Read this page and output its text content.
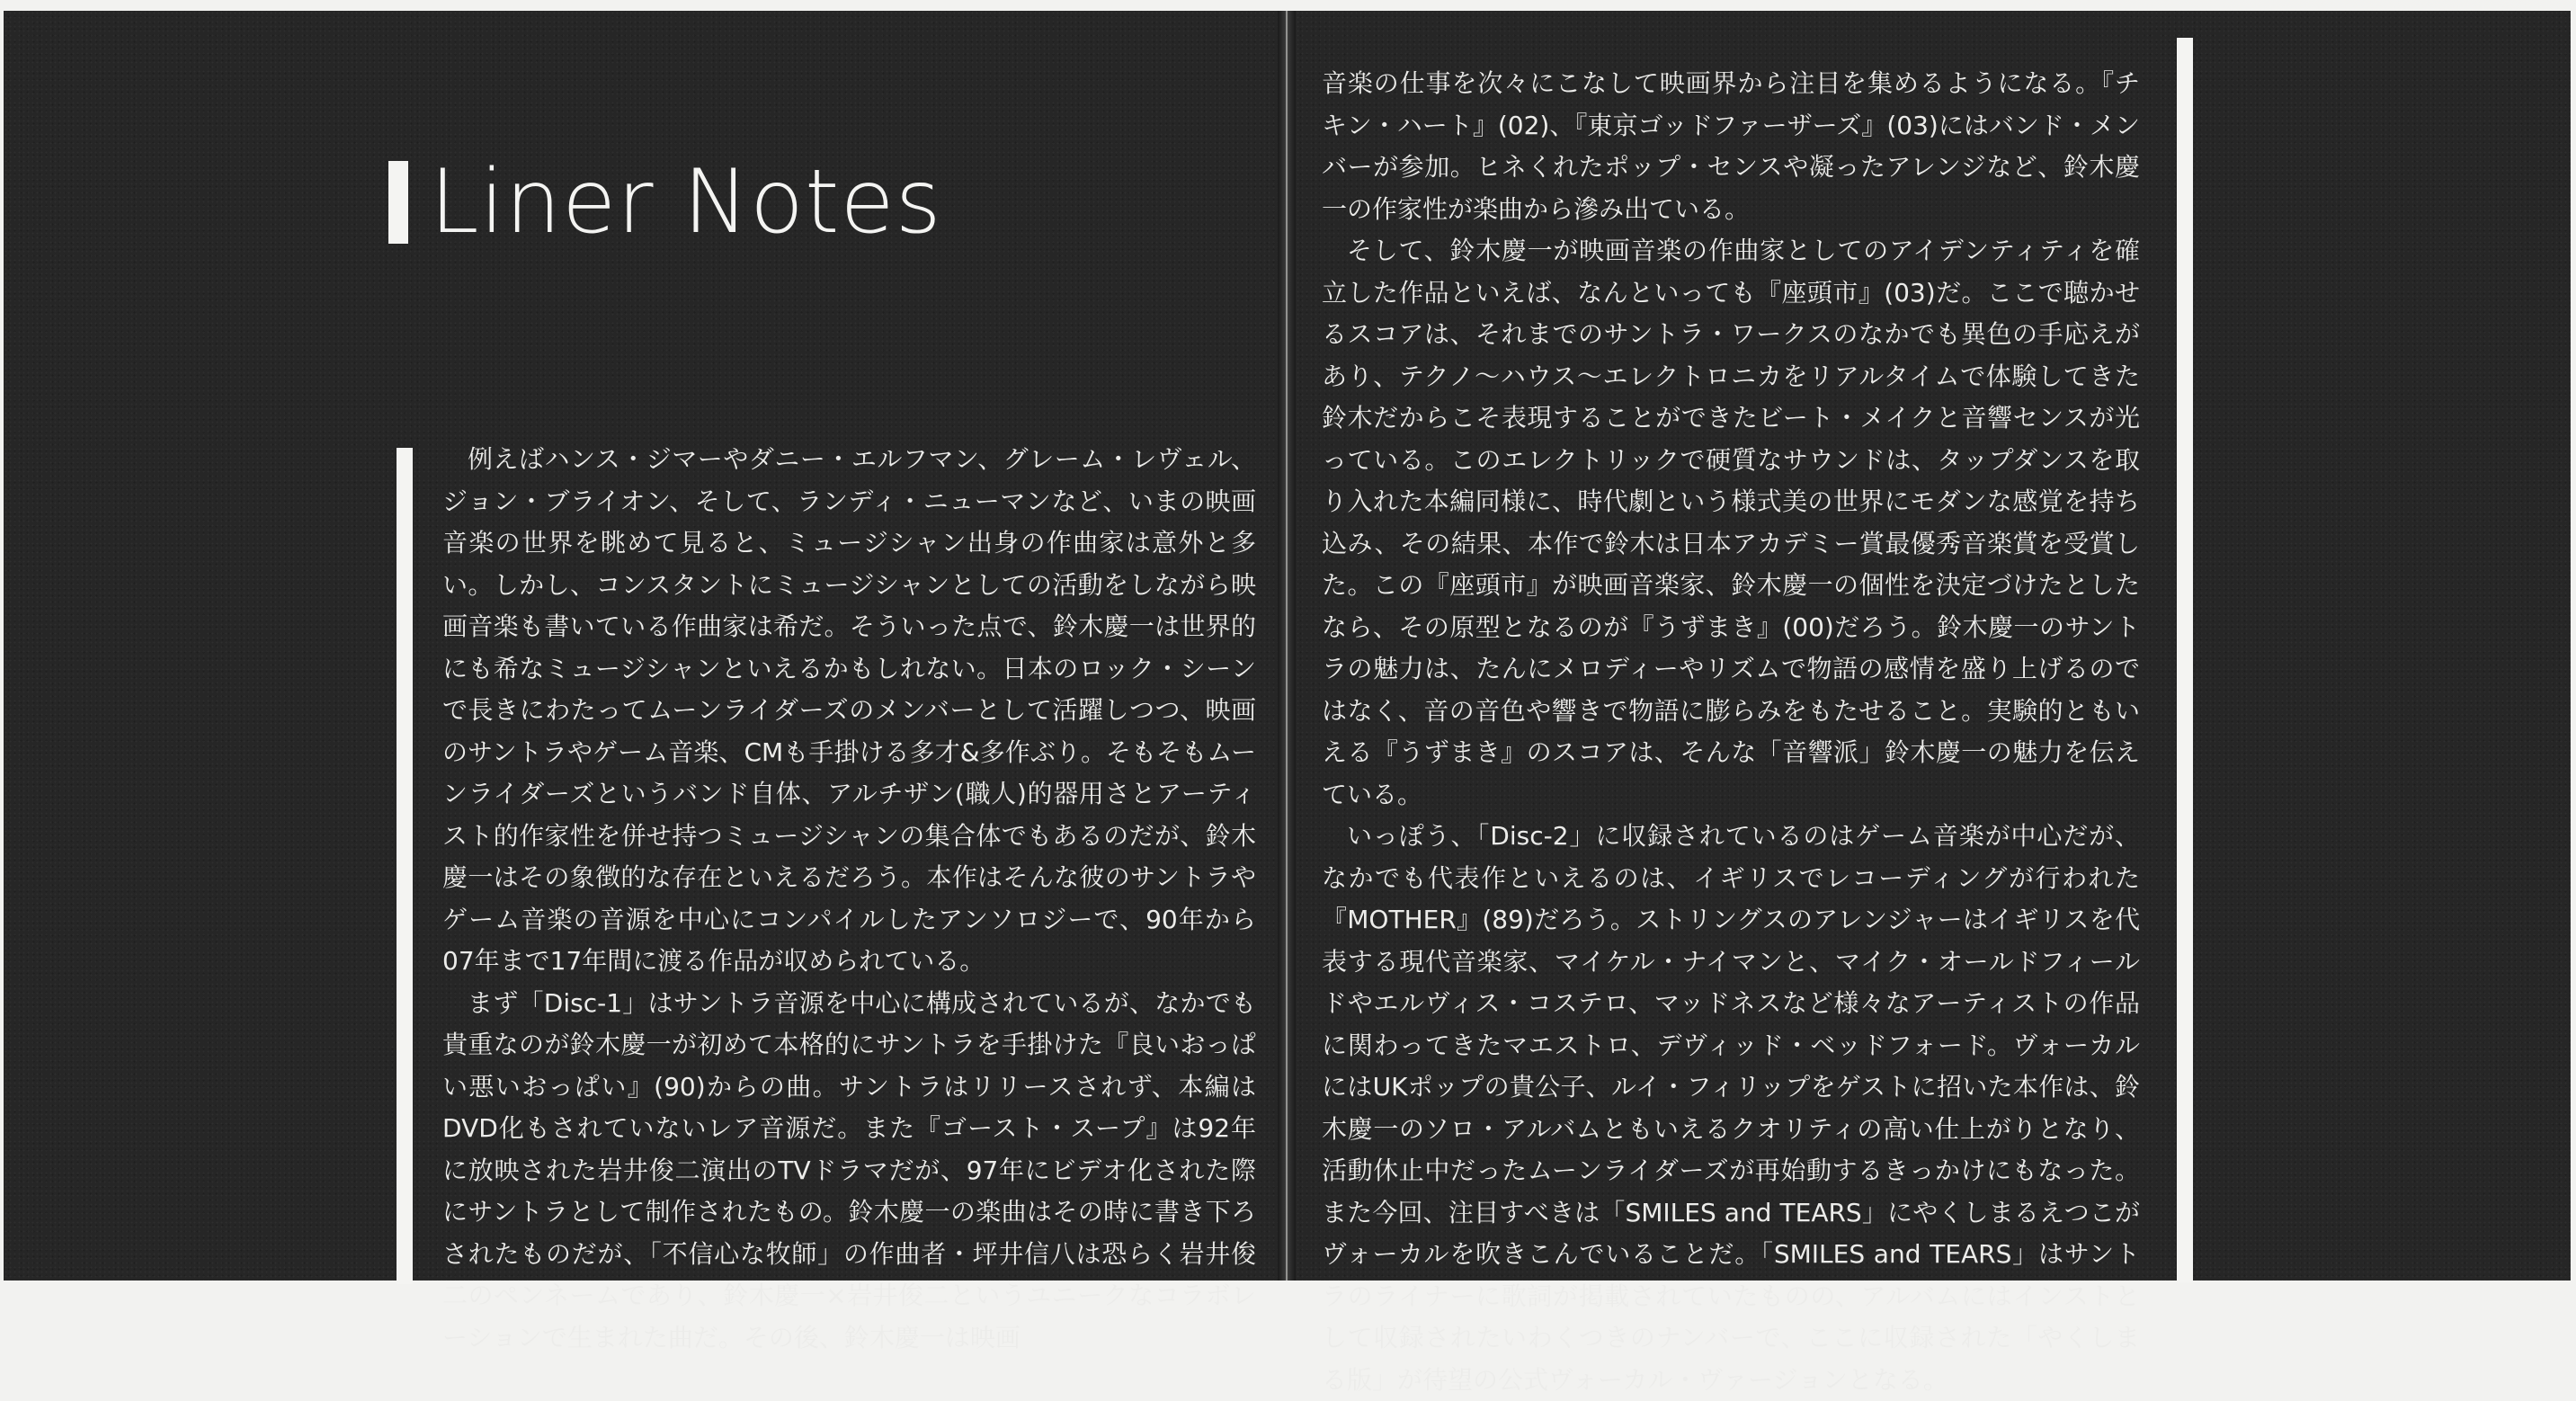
Liner Notes

例えばハンス・ジマーやダニー・エルフマン、グレーム・レヴェル、ジョン・ブライオン、そして、ランディ・ニューマンなど、いまの映画音楽の世界を眺めて見ると、ミュージシャン出身の作曲家は意外と多い。しかし、コンスタントにミュージシャンとしての活動をしながら映画音楽も書いている作曲家は希だ。そういった点で、鈴木慶一は世界的にも希なミュージシャンといえるかもしれない。日本のロック・シーンで長きにわたってムーンライダーズのメンバーとして活躍しつつ、映画のサントラやゲーム音楽、CMも手掛ける多才&多作ぶり。そもそもムーンライダーズというバンド自体、アルチザン(職人)的器用さとアーティスト的作家性を併せ持つミュージシャンの集合体でもあるのだが、鈴木慶一はその象徴的な存在といえるだろう。本作はそんな彼のサントラやゲーム音楽の音源を中心にコンパイルしたアンソロジーで、90年から07年まで17年間に渡る作品が収められている。

まず「Disc-1」はサントラ音源を中心に構成されているが、なかでも貴重なのが鈴木慶一が初めて本格的にサントラを手掛けた『良いおっぱい悪いおっぱい』(90)からの曲。サントラはリリースされず、本編はDVD化もされていないレア音源だ。また『ゴースト・スープ』は92年に放映された岩井俊二演出のTVドラマだが、97年にビデオ化された際にサントラとして制作されたもの。鈴木慶一の楽曲はその時に書き下ろされたものだが、「不信心な牧師」の作曲者・坪井信八は恐らく岩井俊二のペンネームであり、鈴木慶一×岩井俊二というユニークなコラボレーションで生まれた曲だ。その後、鈴木慶一は映画

音楽の仕事を次々にこなして映画界から注目を集めるようになる。『チキン・ハート』(02)、『東京ゴッドファーザーズ』(03)にはバンド・メンバーが参加。ヒネくれたポップ・センスや凝ったアレンジなど、鈴木慶一の作家性が楽曲から滲み出ている。

そして、鈴木慶一が映画音楽の作曲家としてのアイデンティティを確立した作品といえば、なんといっても『座頭市』(03)だ。ここで聴かせるスコアは、それまでのサントラ・ワークスのなかでも異色の手応えがあり、テクノ〜ハウス〜エレクトロニカをリアルタイムで体験してきた鈴木だからこそ表現することができたビート・メイクと音響センスが光っている。このエレクトリックで硬質なサウンドは、タップダンスを取り入れた本編同様に、時代劇という様式美の世界にモダンな感覚を持ち込み、その結果、本作で鈴木は日本アカデミー賞最優秀音楽賞を受賞した。この『座頭市』が映画音楽家、鈴木慶一の個性を決定づけたとしたなら、その原型となるのが『うずまき』(00)だろう。鈴木慶一のサントラの魅力は、たんにメロディーやリズムで物語の感情を盛り上げるのではなく、音の音色や響きで物語に膨らみをもたせること。実験的ともいえる『うずまき』のスコアは、そんな「音響派」鈴木慶一の魅力を伝えている。

いっぽう、「Disc-2」に収録されているのはゲーム音楽が中心だが、なかでも代表作といえるのは、イギリスでレコーディングが行われた『MOTHER』(89)だろう。ストリングスのアレンジャーはイギリスを代表する現代音楽家、マイケル・ナイマンと、マイク・オールドフィールドやエルヴィス・コステロ、マッドネスなど様々なアーティストの作品に関わってきたマエストロ、デヴィッド・ベッドフォード。ヴォーカルにはUKポップの貴公子、ルイ・フィリップをゲストに招いた本作は、鈴木慶一のソロ・アルバムともいえるクオリティの高い仕上がりとなり、活動休止中だったムーンライダーズが再始動するきっかけにもなった。また今回、注目すべきは「SMILES and TEARS」にやくしまるえつこがヴォーカルを吹きこんでいることだ。「SMILES and TEARS」はサントラのライナーに歌詞が掲載されていたものの、アルバムにはインストとして収録されたいわくつきのナンバーで、ここに収録された「やくしまる版」が待望の公式ヴォーカル・ヴァージョンとなる。
